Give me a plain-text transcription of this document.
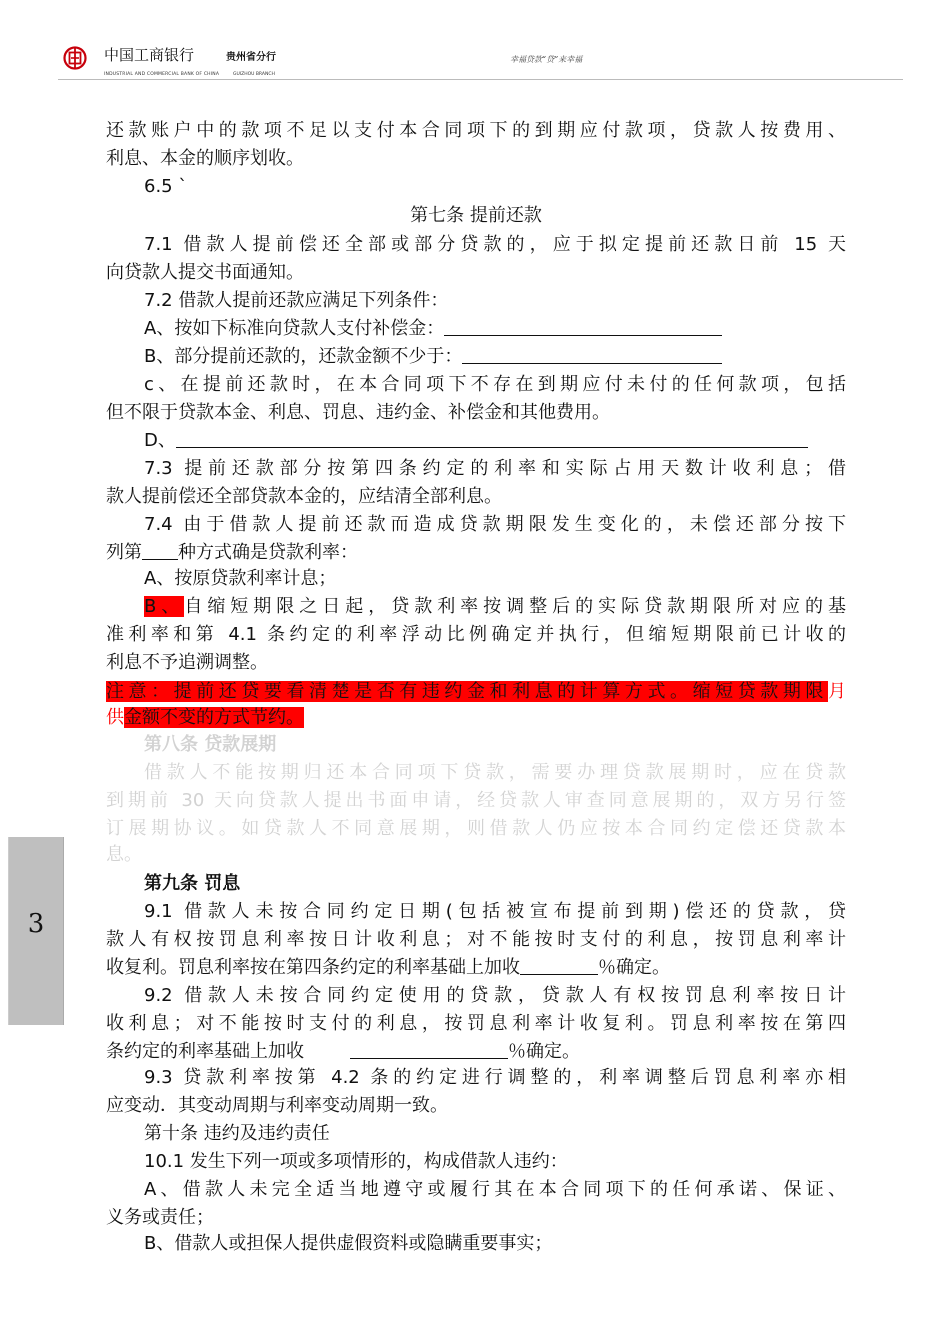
中国工商银行	贵州省分行
INDUSTRIAL AND COMMERCIAL BANK OF CHINA	GUIZHOU BRANCH
幸福贷款“贷”来幸福
3
还款账户中的款项不足以支付本合同项下的到期应付款项，贷款人按费用、
利息、本金的顺序划收。
6.5 `
第七条 提前还款
7.1 借款人提前偿还全部或部分贷款的，应于拟定提前还款日前 15 天
向贷款人提交书面通知。
7.2 借款人提前还款应满足下列条件：
A、按如下标准向贷款人支付补偿金：
B、部分提前还款的，还款金额不少于：
c、在提前还款时，在本合同项下不存在到期应付未付的任何款项，包括
但不限于贷款本金、利息、罚息、违约金、补偿金和其他费用。
D、
7.3 提前还款部分按第四条约定的利率和实际占用天数计收利息；借
款人提前偿还全部贷款本金的，应结清全部利息。
7.4 由于借款人提前还款而造成贷款期限发生变化的，未偿还部分按下
列第 种方式确是贷款利率：
A、按原贷款利率计息；
B、自缩短期限之日起，贷款利率按调整后的实际贷款期限所对应的基
准利率和第 4.1 条约定的利率浮动比例确定并执行，但缩短期限前已计收的
利息不予追溯调整。
注意：提前还贷要看清楚是否有违约金和利息的计算方式。缩短贷款期限月
供金额不变的方式节约。
第八条 贷款展期
借款人不能按期归还本合同项下贷款，需要办理贷款展期时，应在贷款
到期前 30 天向贷款人提出书面申请，经贷款人审查同意展期的，双方另行签
订展期协议。如贷款人不同意展期，则借款人仍应按本合同约定偿还贷款本
息。
第九条 罚息
9.1 借款人未按合同约定日期(包括被宣布提前到期)偿还的贷款，贷
款人有权按罚息利率按日计收利息；对不能按时支付的利息，按罚息利率计
收复利。罚息利率按在第四条约定的利率基础上加收	％确定。
9.2 借款人未按合同约定使用的贷款，贷款人有权按罚息利率按日计
收利息；对不能按时支付的利息，按罚息利率计收复利。罚息利率按在第四
条约定的利率基础上加收	％确定。
9.3 贷款利率按第 4.2 条的约定进行调整的，利率调整后罚息利率亦相
应变动．其变动周期与利率变动周期一致。
第十条 违约及违约责任
10.1 发生下列一项或多项情形的，构成借款人违约：
A、借款人未完全适当地遵守或履行其在本合同项下的任何承诺、保证、
义务或责任；
B、借款人或担保人提供虚假资料或隐瞒重要事实；
